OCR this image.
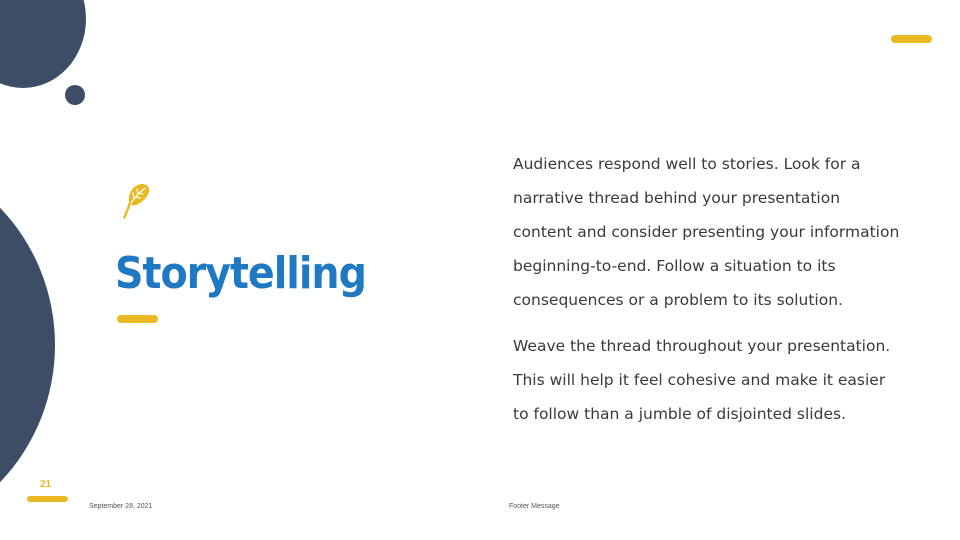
Storytelling

Audiences respond well to stories. Look for a narrative thread behind your presentation content and consider presenting your information beginning-to-end. Follow a situation to its consequences or a problem to its solution.

Weave the thread throughout your presentation. This will help it feel cohesive and make it easier to follow than a jumble of disjointed slides.

21
September 28, 2021	Footer Message
